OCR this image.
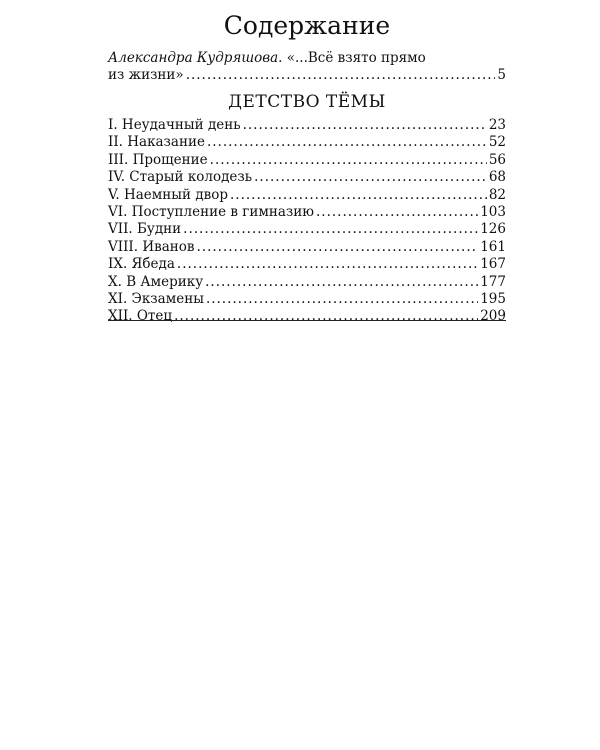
Содержание
Александра Кудряшова. «...Всё взято прямо
из жизни» .....	5
ДЕТСТВО ТЁМЫ
I. Неудачный день .....	23
II. Наказание .....	52
III. Прощение .....	56
IV. Старый колодезь .....	68
V. Наемный двор .....	82
VI. Поступление в гимназию .....	103
VII. Будни .....	126
VIII. Иванов .....	161
IX. Ябеда .....	167
X. В Америку .....	177
XI. Экзамены .....	195
XII. Отец .....	209
